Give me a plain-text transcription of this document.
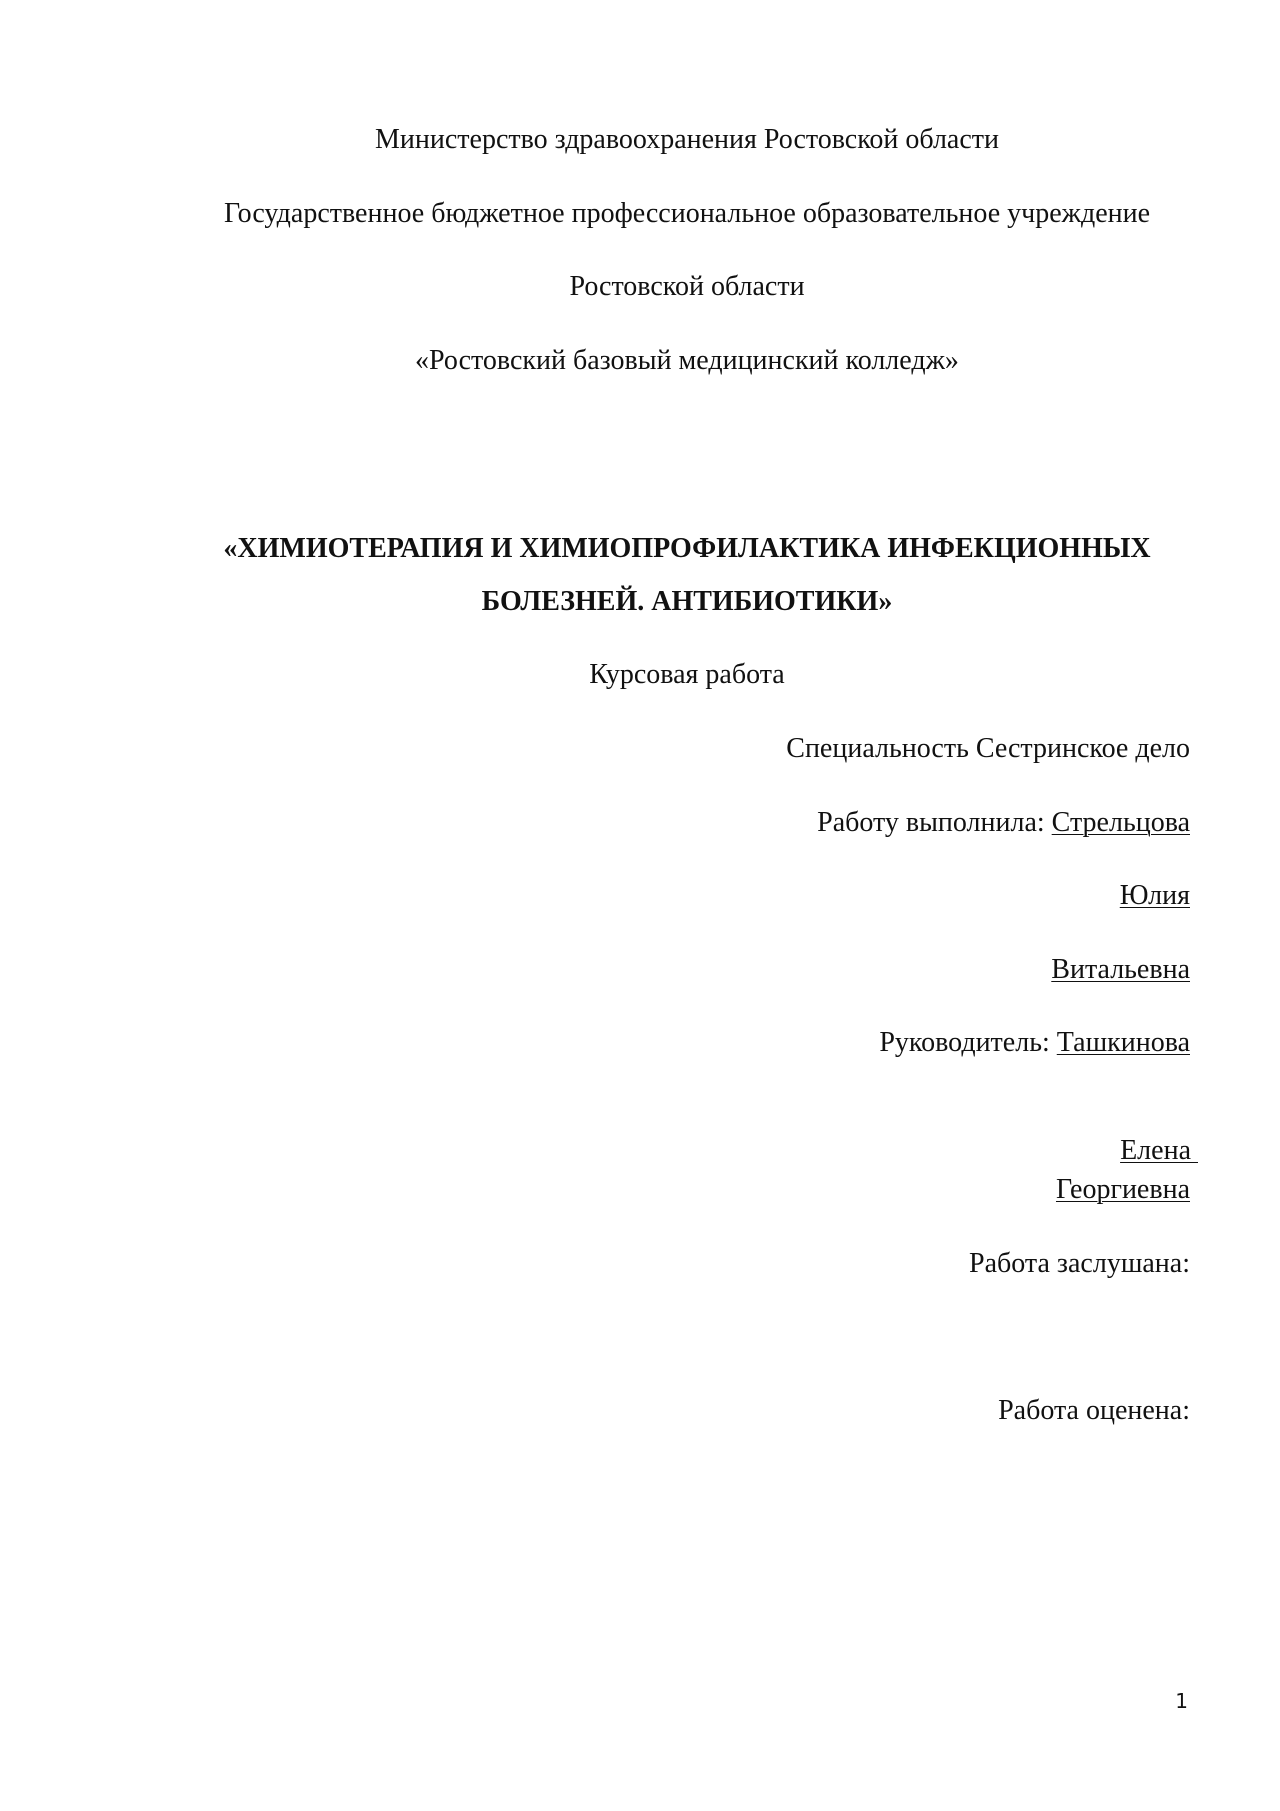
Министерство здравоохранения Ростовской области
Государственное бюджетное профессиональное образовательное учреждение
Ростовской области
«Ростовский базовый медицинский колледж»
«ХИМИОТЕРАПИЯ И ХИМИОПРОФИЛАКТИКА ИНФЕКЦИОННЫХ
БОЛЕЗНЕЙ. АНТИБИОТИКИ»
Курсовая работа
Специальность Сестринское дело
Работу выполнила: Стрельцова
Юлия
Витальевна
Руководитель: Ташкинова

Елена

Георгиевна
Работа заслушана:
Работа оценена:
1
